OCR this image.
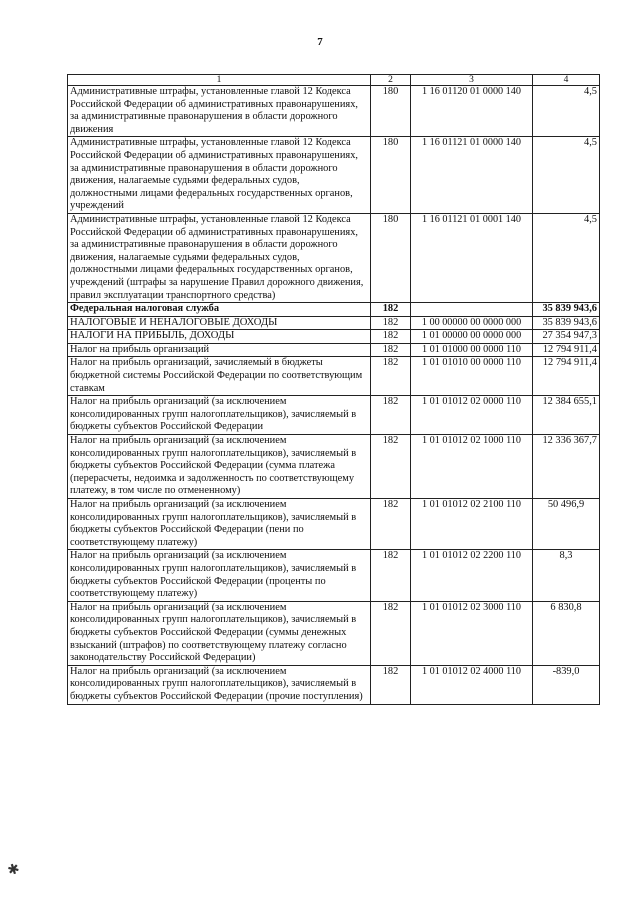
7
1	2	3	4
Административные штрафы, установленные главой 12 Кодекса Российской Федерации об административных правонарушениях, за административные правонарушения в области дорожного движения	180	1 16 01120 01 0000 140	4,5
Административные штрафы, установленные главой 12 Кодекса Российской Федерации об административных правонарушениях, за административные правонарушения в области дорожного движения, налагаемые судьями федеральных судов, должностными лицами федеральных государственных органов, учреждений	180	1 16 01121 01 0000 140	4,5
Административные штрафы, установленные главой 12 Кодекса Российской Федерации об административных правонарушениях, за административные правонарушения в области дорожного движения, налагаемые судьями федеральных судов, должностными лицами федеральных государственных органов, учреждений (штрафы за нарушение Правил дорожного движения, правил эксплуатации транспортного средства)	180	1 16 01121 01 0001 140	4,5
Федеральная налоговая служба	182		35 839 943,6
НАЛОГОВЫЕ И НЕНАЛОГОВЫЕ ДОХОДЫ	182	1 00 00000 00 0000 000	35 839 943,6
НАЛОГИ НА ПРИБЫЛЬ, ДОХОДЫ	182	1 01 00000 00 0000 000	27 354 947,3
Налог на прибыль организаций	182	1 01 01000 00 0000 110	12 794 911,4
Налог на прибыль организаций, зачисляемый в бюджеты бюджетной системы Российской Федерации по соответствующим ставкам	182	1 01 01010 00 0000 110	12 794 911,4
Налог на прибыль организаций (за исключением консолидированных групп налогоплательщиков), зачисляемый в бюджеты субъектов Российской Федерации	182	1 01 01012 02 0000 110	12 384 655,1
Налог на прибыль организаций (за исключением консолидированных групп налогоплательщиков), зачисляемый в бюджеты субъектов Российской Федерации (сумма платежа (перерасчеты, недоимка и задолженность по соответствующему платежу, в том числе по отмененному)	182	1 01 01012 02 1000 110	12 336 367,7
Налог на прибыль организаций (за исключением консолидированных групп налогоплательщиков), зачисляемый в бюджеты субъектов Российской Федерации (пени по соответствующему платежу)	182	1 01 01012 02 2100 110	50 496,9
Налог на прибыль организаций (за исключением консолидированных групп налогоплательщиков), зачисляемый в бюджеты субъектов Российской Федерации (проценты по соответствующему платежу)	182	1 01 01012 02 2200 110	8,3
Налог на прибыль организаций (за исключением консолидированных групп налогоплательщиков), зачисляемый в бюджеты субъектов Российской Федерации (суммы денежных взысканий (штрафов) по соответствующему платежу согласно законодательству Российской Федерации)	182	1 01 01012 02 3000 110	6 830,8
Налог на прибыль организаций (за исключением консолидированных групп налогоплательщиков), зачисляемый в бюджеты субъектов Российской Федерации (прочие поступления)	182	1 01 01012 02 4000 110	-839,0
✱
